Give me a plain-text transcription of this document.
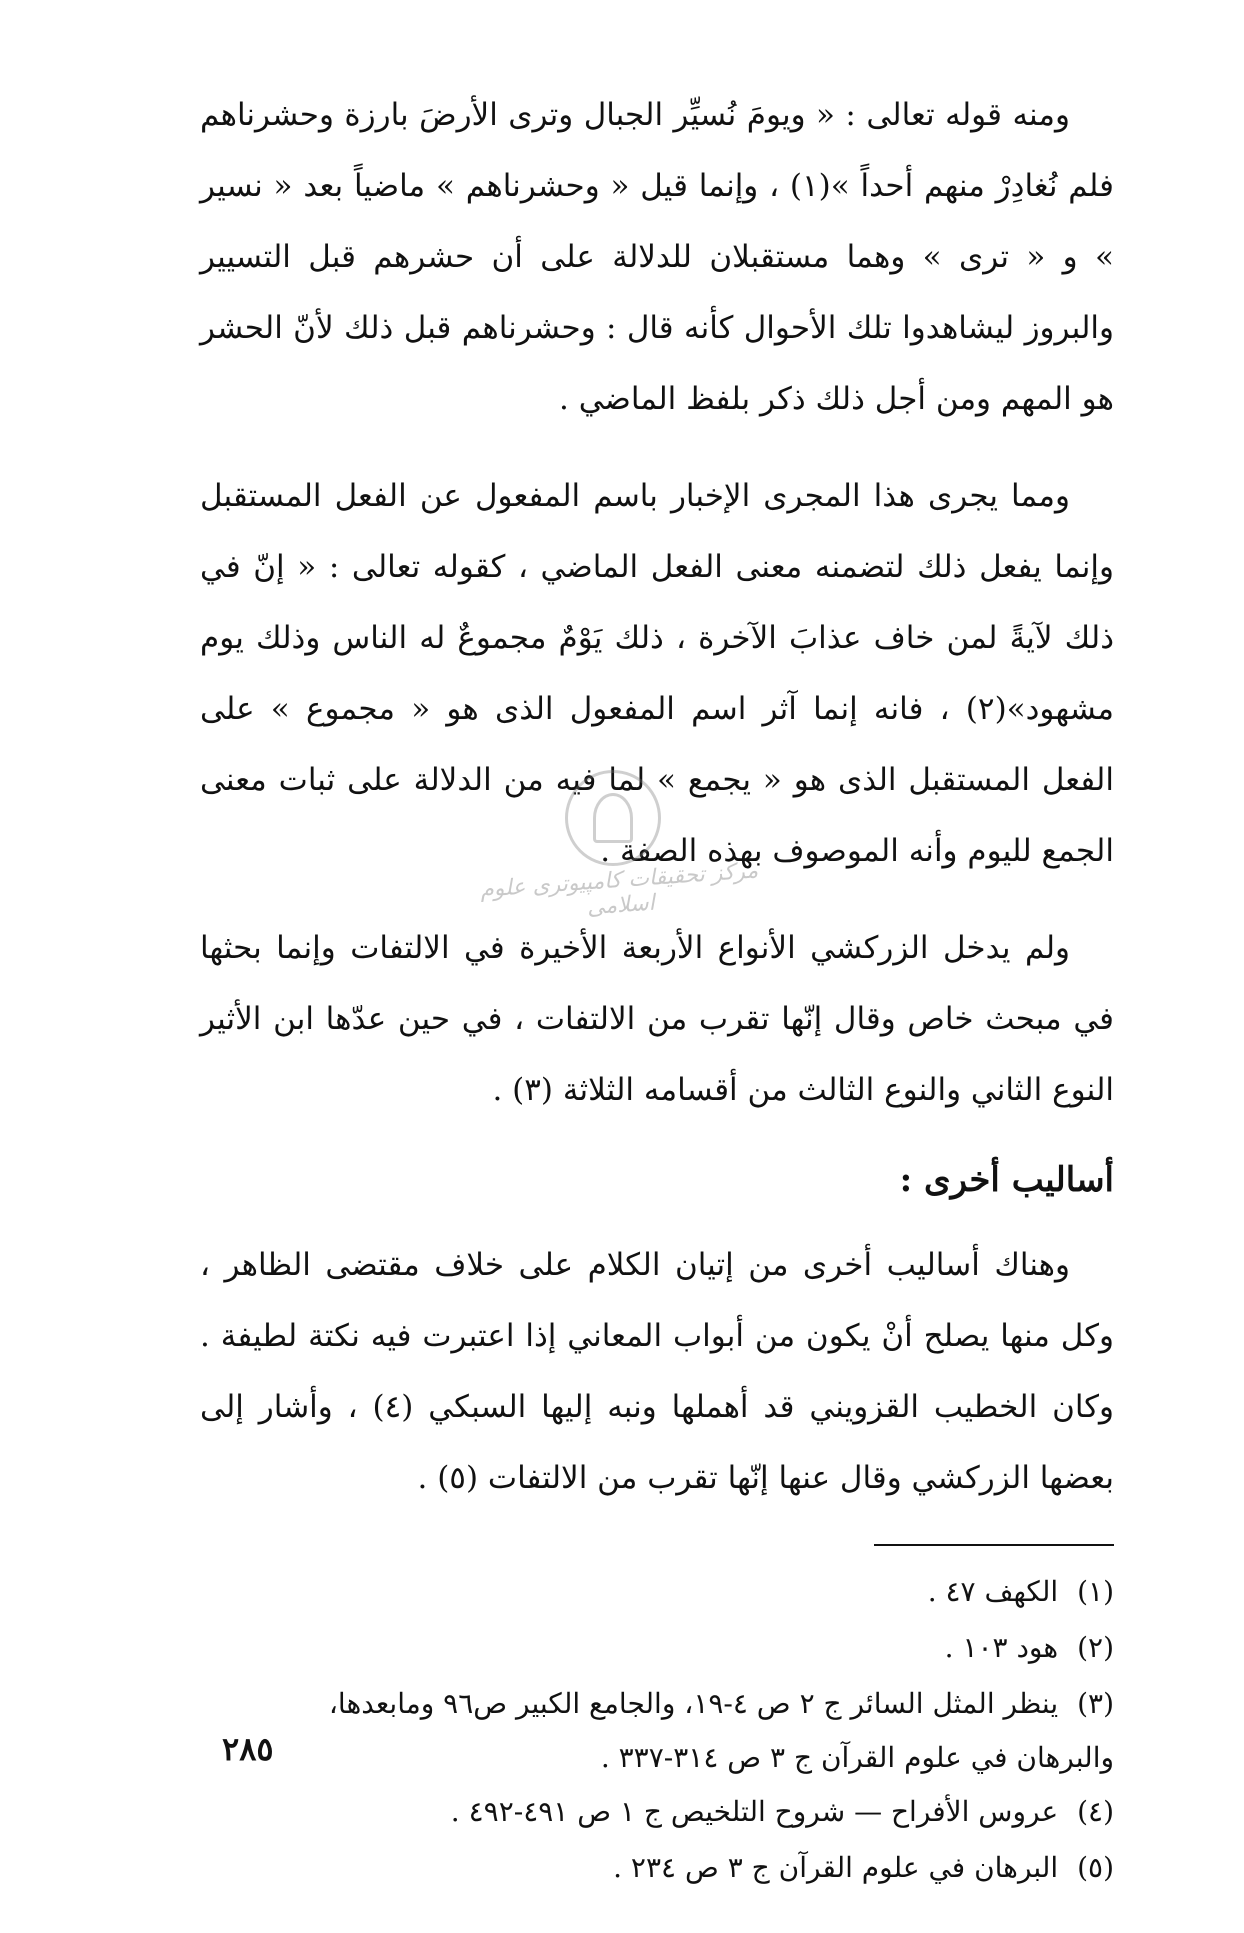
ومنه قوله تعالى : « ويومَ نُسيِّر الجبال وترى الأرضَ بارزة وحشرناهم فلم نُغادِرْ منهم أحداً »(١) ، وإنما قيل « وحشرناهم » ماضياً بعد « نسير » و « ترى » وهما مستقبلان للدلالة على أن حشرهم قبل التسيير والبروز ليشاهدوا تلك الأحوال كأنه قال : وحشرناهم قبل ذلك لأنّ الحشر هو المهم ومن أجل ذلك ذكر بلفظ الماضي .

ومما يجرى هذا المجرى الإخبار باسم المفعول عن الفعل المستقبل وإنما يفعل ذلك لتضمنه معنى الفعل الماضي ، كقوله تعالى : « إنّ في ذلك لآيةً لمن خاف عذابَ الآخرة ، ذلك يَوْمٌ مجموعٌ له الناس وذلك يوم مشهود»(٢) ، فانه إنما آثر اسم المفعول الذى هو « مجموع » على الفعل المستقبل الذى هو « يجمع » لما فيه من الدلالة على ثبات معنى الجمع لليوم وأنه الموصوف بهذه الصفة .

ولم يدخل الزركشي الأنواع الأربعة الأخيرة في الالتفات وإنما بحثها في مبحث خاص وقال إنّها تقرب من الالتفات ، في حين عدّها ابن الأثير النوع الثاني والنوع الثالث من أقسامه الثلاثة (٣) .

أساليب أخرى :

وهناك أساليب أخرى من إتيان الكلام على خلاف مقتضى الظاهر ، وكل منها يصلح أنْ يكون من أبواب المعاني إذا اعتبرت فيه نكتة لطيفة . وكان الخطيب القزويني قد أهملها ونبه إليها السبكي (٤) ، وأشار إلى بعضها الزركشي وقال عنها إنّها تقرب من الالتفات (٥) .

(١) الكهف ٤٧ .
(٢) هود ١٠٣ .
(٣) ينظر المثل السائر ج ٢ ص ٤-١٩، والجامع الكبير ص٩٦ ومابعدها،
والبرهان في علوم القرآن ج ٣ ص ٣١٤-٣٣٧ .
(٤) عروس الأفراح — شروح التلخيص ج ١ ص ٤٩١-٤٩٢ .
(٥) البرهان في علوم القرآن ج ٣ ص ٢٣٤ .
مركز تحقيقات كامپيوترى علوم اسلامى
٢٨٥
